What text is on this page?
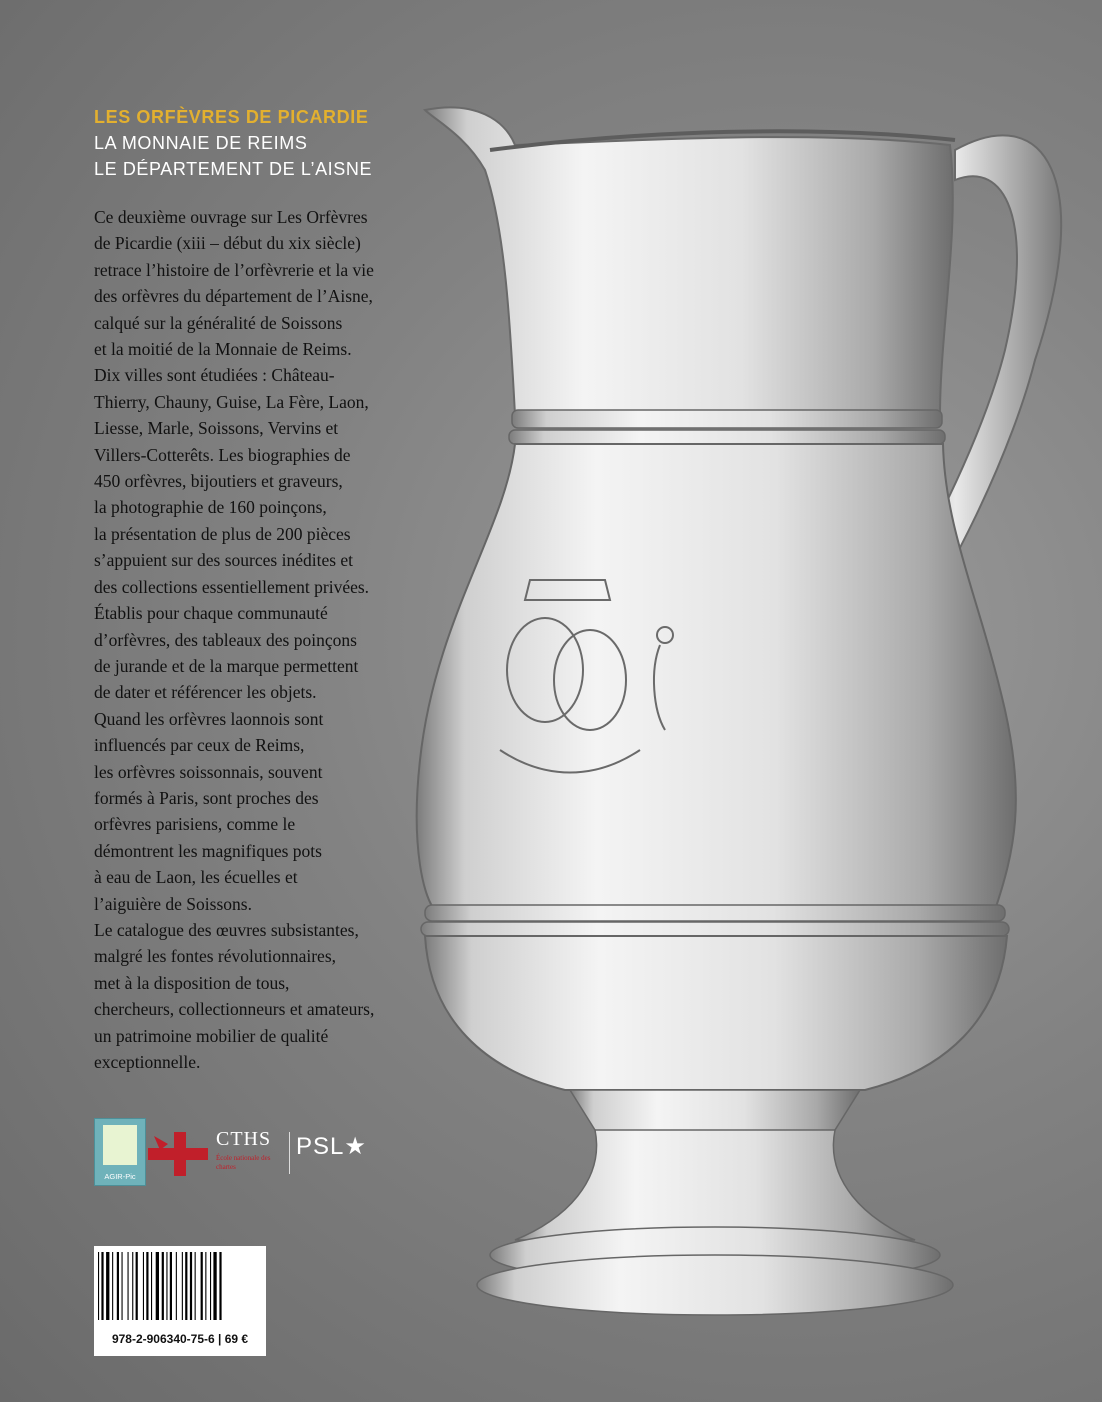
LES ORFÈVRES DE PICARDIE
LA MONNAIE DE REIMS
LE DÉPARTEMENT DE L’AISNE
Ce deuxième ouvrage sur Les Orfèvres
de Picardie (xiii – début du xix siècle)
retrace l’histoire de l’orfèvrerie et la vie
des orfèvres du département de l’Aisne,
calqué sur la généralité de Soissons
et la moitié de la Monnaie de Reims.
Dix villes sont étudiées : Château-
Thierry, Chauny, Guise, La Fère, Laon,
Liesse, Marle, Soissons, Vervins et
Villers-Cotterêts. Les biographies de
450 orfèvres, bijoutiers et graveurs,
la photographie de 160 poinçons,
la présentation de plus de 200 pièces
s’appuient sur des sources inédites et
des collections essentiellement privées.
Établis pour chaque communauté
d’orfèvres, des tableaux des poinçons
de jurande et de la marque permettent
de dater et référencer les objets.
Quand les orfèvres laonnois sont
influencés par ceux de Reims,
les orfèvres soissonnais, souvent
formés à Paris, sont proches des
orfèvres parisiens, comme le
démontrent les magnifiques pots
à eau de Laon, les écuelles et
l’aiguière de Soissons.
Le catalogue des œuvres subsistantes,
malgré les fontes révolutionnaires,
met à la disposition de tous,
chercheurs, collectionneurs et amateurs,
un patrimoine mobilier de qualité
exceptionnelle.
AGIR-Pic
CTHS
École nationale des chartes
PSL★
978-2-906340-75-6 | 69 €
